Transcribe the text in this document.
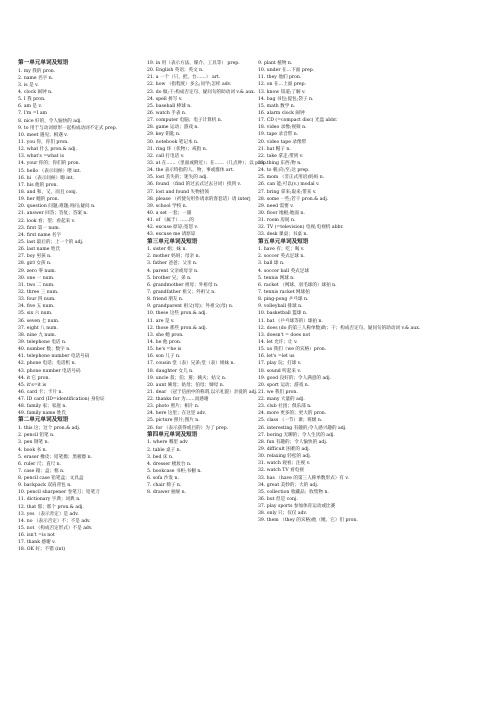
第一单元单词及短语
1. my 我的 pron.
2. name 名字 n.
3. is 是 v.
4. clock 闹钟 n.
5. I 我 pron.
6. am 是 v.
7. I'm =I am
8. nice 好的，令人愉快的 adj.
9. to 用于与动词原形一起构成动词不定式 prep.
10. meet 遇见；相遇 v.
11. you 你，你们 pron.
12. what 什么 pron.& adj.
13. what's =what is
14. your 你的；你们的 pron.
15. hello （表示问候）喂 int.
16. hi （表示问候）嗨 int.
17. his 他的 pron.
18. and 和，又，而且 conj.
19. her 她的 pron.
20. question 问题;难题;询问;疑问 n.
21. answer 回答；答复；答案 n.
22. look 看；望；看起来 v.
23. first 第一 num.
24. first name 名字
25. last 最后的；上一个的 adj.
26. last name 姓氏
27. boy 男孩 n.
28. girl 女孩 n.
29. zero 零 num.
30. one 一 num.
31. two 二 num.
32. three 三 num.
33. four 四 num.
34. five 五 num.
35. six 六 num.
36. seven 七 num.
37. eight 八 num.
38. nine 九 num.
39. telephone 电话 n.
40. number 数；数字 n.
41. telephone number 电话号码
42. phone 电话；电话机 n.
43. phone number 电话号码
44. it 它 pron.
45. it's=it is
46. card 卡；卡片 n.
47. ID card (ID=identification) 身份证
48. family 家；家庭 n.
49. family name 姓氏
第二单元单词及短语
1. this 这；这个 pron.& adj.
2. pencil 铅笔 n.
3. pen 钢笔 n.
4. book 书 n.
5. eraser 橡皮；铅笔擦；黑板擦 n.
6. ruler 尺；直尺 n.
7. case 箱；盒；框 n.
8. pencil case 铅笔盒；文具盒
9. backpack 双肩背包 n.
10. pencil sharpener 卷笔刀；铅笔刀
11. dictionary 字典；词典 n.
12. that 那；那个 pron.& adj.
13. yes （表示肯定）是 adv.
14. no （表示否定）不；不是 adv.
15. not （构成否定形式）不是 adv.
16. isn't =is not
17. thank 感谢 v.
18. OK 好；不错 (int)
19. in 用（表示方法、媒介、工具等） prep.
20. English 英语；英文 n.
21. a 一个（只，把，台……） art.
22. how （指程度）多么;问学;怎样 adv.
23. do 做;干;构成否定句、疑问句的助动词 v.& aux.
24. spell 拼写 v.
25. baseball 棒球 n.
26. watch 手表 n.
27. computer 电脑；电子计算机 n.
28. game 运动；游戏 n.
29. key 钥匙 n.
30. notebook 笔记本 n.
31. ring 环（状物）；戒指 n.
32. call 打电话 v.
33. at 在……（里面或附近）；在……（几点钟）；以 prep.
34. the 表示特指的人、物，事或群体 art.
35. lost 丢失的；迷失的 adj.
36. found （find 的过去式过去分词）找到 v.
37. lost and found 失物招领
38. please （祈使句用作请求的客套话）请 interj
39. school 学校 n.
40. a set 一套；一副
41. of （属于）……的
42. excuse 原谅;宽恕 v.
43. excuse me 请原谅
第三单元单词及短语
1. sister 姐；妹 n.
2. mother 妈妈；母亲 n.
3. father 爸爸；父亲 n.
4. parent 父亲或母亲 n.
5. brother 兄；弟 n.
6. grandmother 祖母；外祖母 n.
7. grandfather 祖父；外祖父 n.
8. friend 朋友 n.
9. grandparent 祖父(母)；外祖父(母) n.
10. these 这些 pron.& adj.
11. are 是 v.
12. those 那些 pron.& adj.
13. she 她 pron.
14. he 他 pron.
15. he's =he is
16. son 儿子 n.
17. cousin 堂（表）兄弟;堂（表）姐妹 n.
18. daughter 女儿 n.
19. uncle 叔；伯；舅；姨夫；姑父 n.
20. aunt 姨母；姑母；伯母；婶母 n.
21. dear （冠于信函中的称谓,以示礼貌）亲爱的 adj.
22. thanks for 为……而感谢
23. photo 照片；相片 n.
24. here 这里；在这里 adv.
25. picture 照片;图片 n.
26. for （表示获得或目的）为了 prep.
第四单元单词及短语
1. where 哪里 adv
2. table 桌子 n.
3. bed 床 n.
4. dresser 梳妆台 n.
5. bookcase 书柜;书橱 n.
6. sofa 沙发 n.
7. chair 椅子 n.
8. drawer 抽屉 n.
9. plant 植物 n.
10. under 在…下面 prep.
11. they 他们 pron.
12. on 在…上面 prep.
13. know 知道;了解 v.
14. bag 书包;提包;袋子 n.
15. math 数学 n.
16. alarm clock 闹钟
17. CD (=compact disc) 光盘 abbr.
18. video 录像;视频 n.
19. tape 录音带 n.
20. video tape 录像带
21. hat 帽子 n.
22. take 拿走;带到 v.
23. thing 东西;物 n.
24. to 朝;向;至;达 prep.
25. mom （非正式用语)妈妈 n.
26. can 能;可以(v.) modal v.
27. bring 拿来;取来;带来 v.
28. some 一些;若干 pron.& adj.
29. need 需要 v.
30. floor 地板;地面 n.
31. room 房间 n.
32. TV (=television) 电视;电视机 abbr.
33. desk 课桌；书桌 n.
第五单元单词及短语
1. have 有；吃；喝 v.
2. soccer 英式足球 n.
3. ball 球 n.
4. soccer ball 英式足球
5. tennis 网球 n.
6. racket （网球、羽毛球的）球拍 n.
7. tennis racket 网球拍
8. ping-pong 乒乓球 n.
9. volleyball 排球 n.
10. basketball 篮球 n.
11. bat （乒乓球等的）球拍 n.
12. does (do 的第三人称单数)助；干；构成否定句、疑问句的助动词 v.& aux.
13. doesn't = does not
14. let 允许；让 v.
15. us 我们（we 的宾格）pron.
16. let's =let us
17. play 玩；打球 v.
18. sound 听起来 v.
19. good 良好的；令人满意的 adj.
20. sport 运动；游戏 n.
21. we 我们 pron.
22. many 大量的 adj.
23. club 社团；俱乐部 n.
24. more 更多的；更大的 pron.
25. class （一节）课；班级 n.
26. interesting 有趣的;令人感兴趣的 adj.
27. boring 无聊的；令人生厌的 adj.
28. fun 有趣的；令人愉快的 adj.
29. difficult 困难的 adj.
30. relaxing 轻松的 adj.
31. watch 观看；注视 v.
32. watch TV 看电视
33. has （have 的第三人称单数形式）有 v.
34. great 美妙的；大的 adj.
35. collection 收藏品；收集物 n.
36. but 但是 conj.
37. play sports 参加体育运动或比赛
38. only 只；仅仅 adv.
39. them （they 的宾格)他（她、它）们 pron.
